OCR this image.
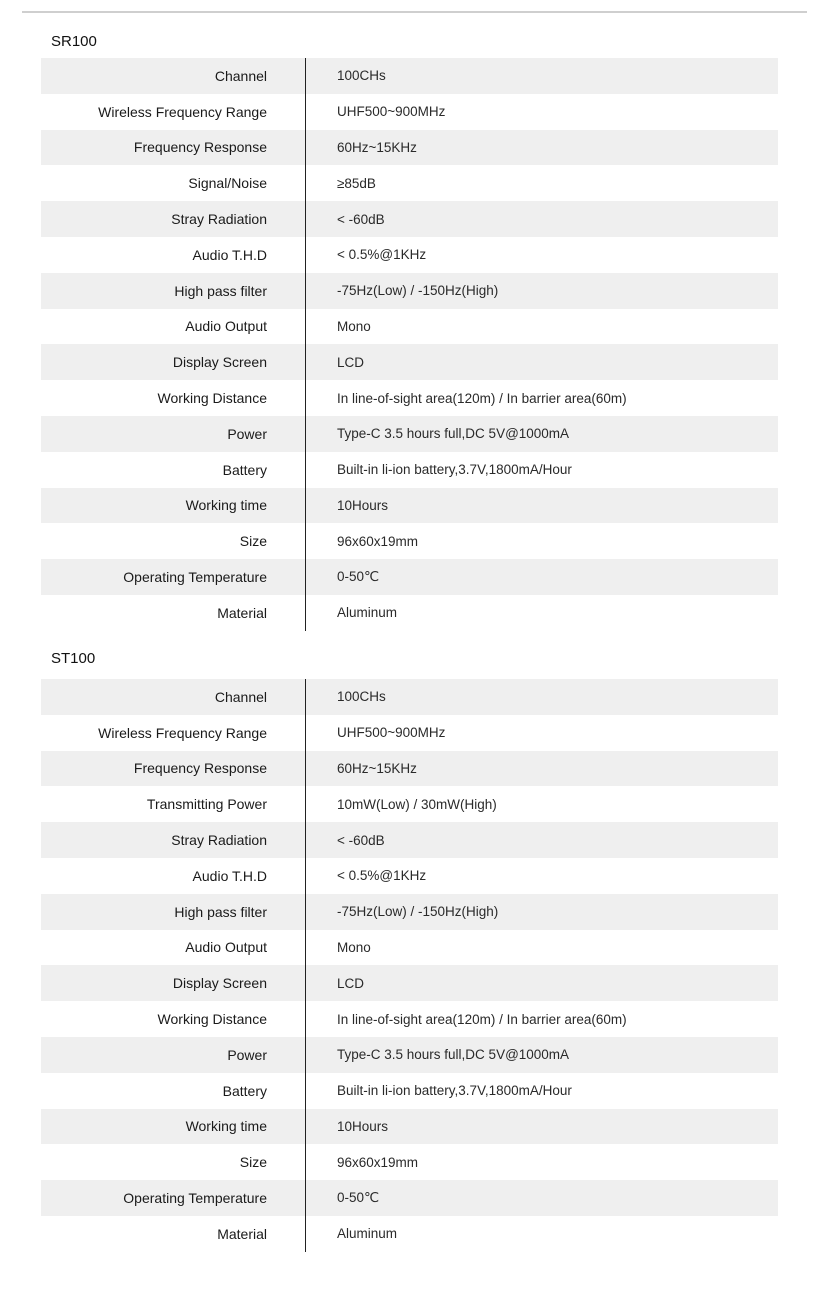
SR100
Channel	100CHs
Wireless Frequency Range	UHF500~900MHz
Frequency Response	60Hz~15KHz
Signal/Noise	≥85dB
Stray Radiation	< -60dB
Audio T.H.D	< 0.5%@1KHz
High pass filter	-75Hz(Low) / -150Hz(High)
Audio Output	Mono
Display Screen	LCD
Working Distance	In line-of-sight area(120m) / In barrier area(60m)
Power	Type-C 3.5 hours full,DC 5V@1000mA
Battery	Built-in li-ion battery,3.7V,1800mA/Hour
Working time	10Hours
Size	96x60x19mm
Operating Temperature	0-50℃
Material	Aluminum
ST100
Channel	100CHs
Wireless Frequency Range	UHF500~900MHz
Frequency Response	60Hz~15KHz
Transmitting Power	10mW(Low) / 30mW(High)
Stray Radiation	< -60dB
Audio T.H.D	< 0.5%@1KHz
High pass filter	-75Hz(Low) / -150Hz(High)
Audio Output	Mono
Display Screen	LCD
Working Distance	In line-of-sight area(120m) / In barrier area(60m)
Power	Type-C 3.5 hours full,DC 5V@1000mA
Battery	Built-in li-ion battery,3.7V,1800mA/Hour
Working time	10Hours
Size	96x60x19mm
Operating Temperature	0-50℃
Material	Aluminum
